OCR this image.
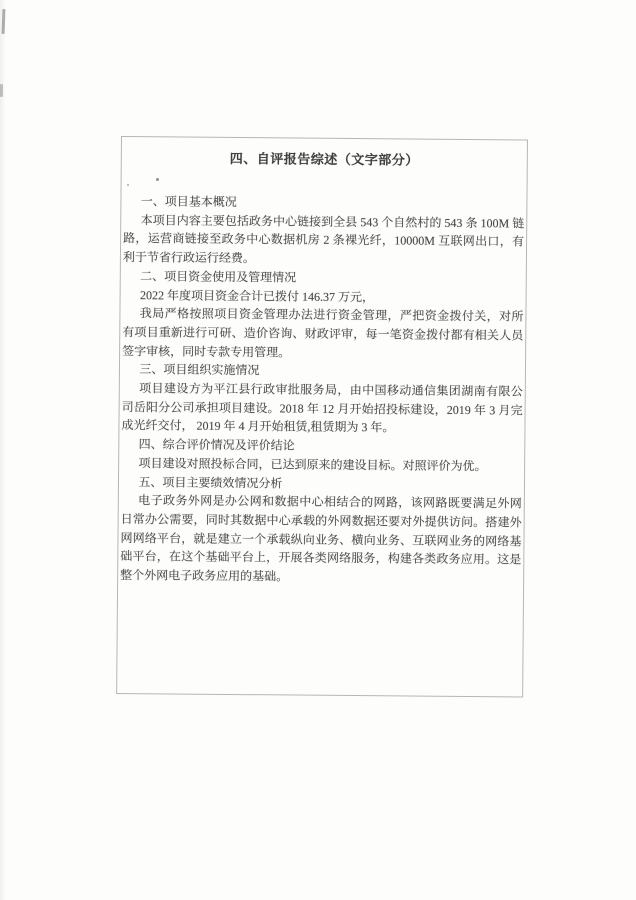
四、自评报告综述（文字部分）
一、项目基本概况
本项目内容主要包括政务中心链接到全县 543 个自然村的 543 条 100M 链路，运营商链接至政务中心数据机房 2 条裸光纤，10000M 互联网出口，有利于节省行政运行经费。
二、项目资金使用及管理情况
2022 年度项目资金合计已拨付 146.37 万元，
我局严格按照项目资金管理办法进行资金管理，严把资金拨付关，对所有项目重新进行可研、造价咨询、财政评审，每一笔资金拨付都有相关人员签字审核，同时专款专用管理。
三、项目组织实施情况
项目建设方为平江县行政审批服务局，由中国移动通信集团湖南有限公司岳阳分公司承担项目建设。2018 年 12 月开始招投标建设，2019 年 3 月完成光纤交付， 2019 年 4 月开始租赁,租赁期为 3 年。
四、综合评价情况及评价结论
项目建设对照投标合同，已达到原来的建设目标。对照评价为优。
五、项目主要绩效情况分析
电子政务外网是办公网和数据中心相结合的网路，该网路既要满足外网日常办公需要，同时其数据中心承载的外网数据还要对外提供访问。搭建外网网络平台，就是建立一个承载纵向业务、横向业务、互联网业务的网络基础平台，在这个基础平台上，开展各类网络服务，构建各类政务应用。这是整个外网电子政务应用的基础。
